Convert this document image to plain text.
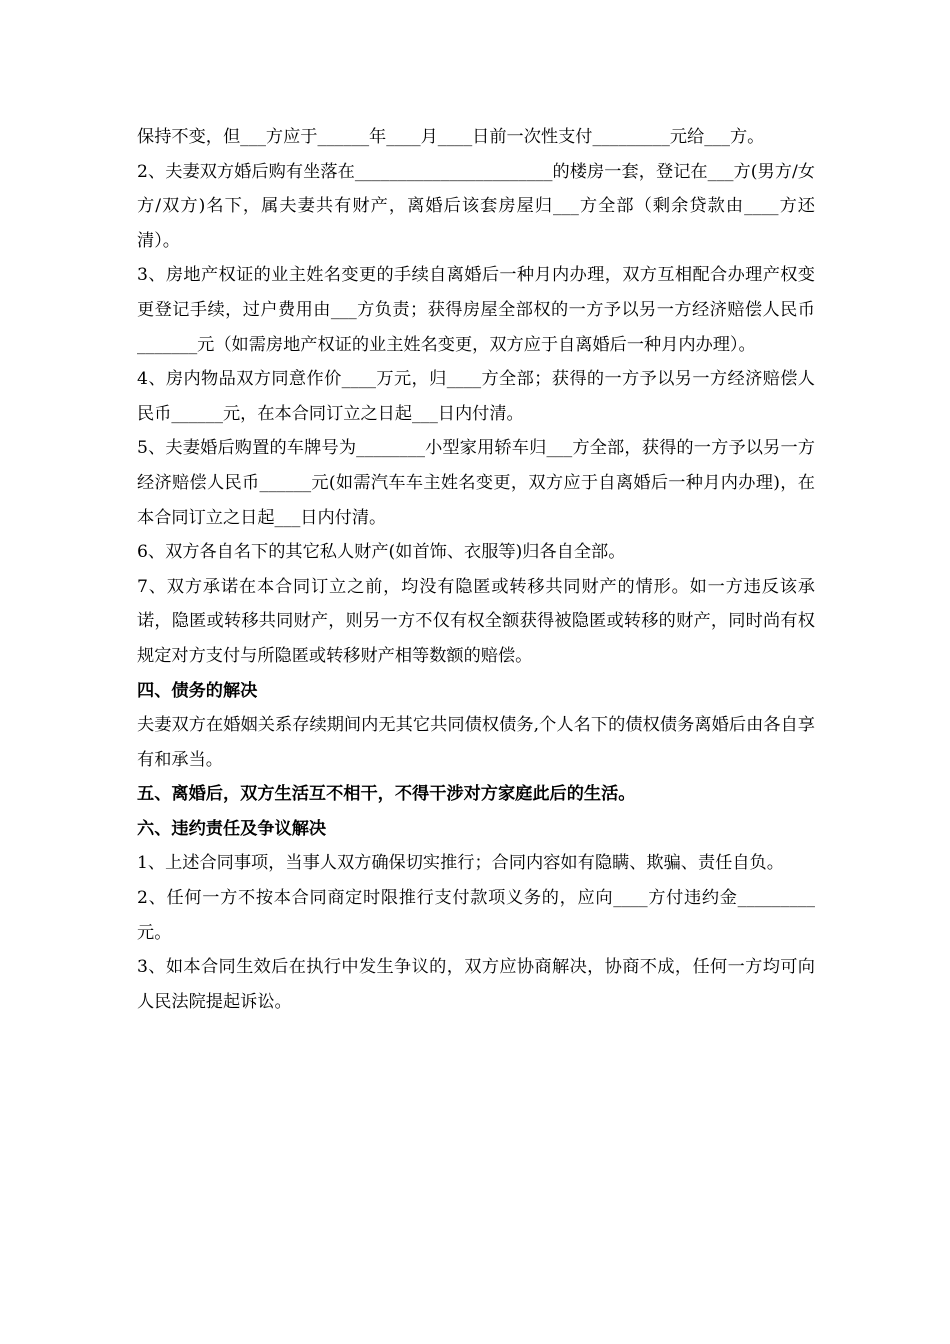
保持不变，但___方应于______年____月____日前一次性支付_________元给___方。

2、夫妻双方婚后购有坐落在_______________________的楼房一套，登记在___方(男方/女方/双方)名下，属夫妻共有财产，离婚后该套房屋归___方全部（剩余贷款由____方还清）。

3、房地产权证的业主姓名变更的手续自离婚后一种月内办理，双方互相配合办理产权变更登记手续，过户费用由___方负责；获得房屋全部权的一方予以另一方经济赔偿人民币_______元（如需房地产权证的业主姓名变更，双方应于自离婚后一种月内办理）。

4、房内物品双方同意作价____万元，归____方全部；获得的一方予以另一方经济赔偿人民币______元，在本合同订立之日起___日内付清。

5、夫妻婚后购置的车牌号为________小型家用轿车归___方全部，获得的一方予以另一方经济赔偿人民币______元(如需汽车车主姓名变更，双方应于自离婚后一种月内办理)，在本合同订立之日起___日内付清。

6、双方各自名下的其它私人财产(如首饰、衣服等)归各自全部。

7、双方承诺在本合同订立之前，均没有隐匿或转移共同财产的情形。如一方违反该承诺，隐匿或转移共同财产，则另一方不仅有权全额获得被隐匿或转移的财产，同时尚有权规定对方支付与所隐匿或转移财产相等数额的赔偿。

四、债务的解决

夫妻双方在婚姻关系存续期间内无其它共同债权债务,个人名下的债权债务离婚后由各自享有和承当。

五、离婚后，双方生活互不相干，不得干涉对方家庭此后的生活。

六、违约责任及争议解决

1、上述合同事项，当事人双方确保切实推行；合同内容如有隐瞒、欺骗、责任自负。

2、任何一方不按本合同商定时限推行支付款项义务的，应向____方付违约金_________元。

3、如本合同生效后在执行中发生争议的，双方应协商解决，协商不成，任何一方均可向人民法院提起诉讼。
